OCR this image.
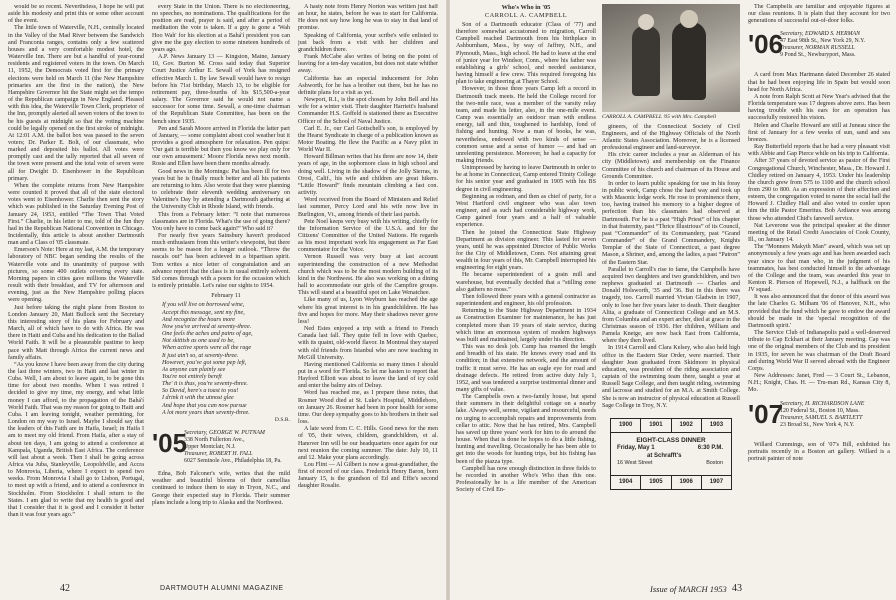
would be so recent. Nevertheless, I hope he will put aside his modesty and print this or some other account of the event.

The little town of Waterville, N.H., centrally located in the Valley of the Mad River between the Sandwich and Franconia ranges, contains only a few scattered houses and a very comfortable modest hotel, the Waterville Inn. There are but a handful of year-round residents and registered voters in the town. On March 11, 1952, the Democrats voted first for the primary elections were held on March 11 (the New Hampshire primaries are the first in the nation), the New Hampshire Governor hit the State might set the tempo of the Republican campaign in New England. Pleased with this idea, the Waterville Town Clerk, proprietor of the Inn, promptly alerted all seven voters of the town to be his guests at midnight so that the voting machine could be legally opened on the first stroke of midnight. At 12:01 A.M. the ballot box was passed to the seven voters; Dr. Parker E. Bolt, of our classmate, who marked and deposited his ballot. All votes were promptly cast and the tally reported that all seven of the town were present and the total vote of seven were all for Dwight D. Eisenhower in the Republican primary.

When the complete returns from New Hampshire were counted it proved that all of the state electoral votes went to Eisenhower. Charlie then sent the story which was published in the Saturday Evening Post of January 24, 1953, entitled “The Town That Voted First.” Charlie, in his letter to me, told of the fun they had in the Republican National Convention in Chicago. Incidentally, this article is about another Dartmouth man and a Class of '05 classmate.

Emerson's Note: Here at my last, A.M. the temporary laboratory of NBC began sending the results of the Waterville vote and its unanimity of purpose with pictures, so some 400 outlets covering every state. Morning papers in cities gave millions the Waterville result with their breakfast, and TV for afternoon and evening, just as the New Hampshire polling places were opening.

Just before taking the night plane from Boston to London January 20, Matt Bullock sent the Secretary this interesting story of his plans for February and March, all of which have to do with Africa. He was there in Haiti and Cuba and his dedication to the Ballad World Faith. It will be a pleasurable pastime to keep pace with Matt through Africa the current news and family affairs.

“As you know I have been away from the city during the last three winters, two in Haiti and last winter in Cuba. Well, I am about to leave again, to be gone this time for about two months. When I was retired I decided to give my time, my energy, and what little money I can afford, to the propagation of the Bahá'í World Faith. That was my reason for going to Haiti and Cuba. I am leaving tonight, weather permitting, for London on my way to Israel. Maybe I should say that the leaders of this Faith are in Haifa, Israel; in Haifa I am to meet my old friend. From Haifa, after a stay of about ten days, I am going to attend a conference at Kampala, Uganda, British East Africa. The conference will last about a week. Then I shall be going across Africa via Juba, Stanleyville, Leopoldville, and Accra to Monrovia, Liberia, where I expect to spend two weeks. From Monrovia I shall go to Lisbon, Portugal, to meet up with a friend, and to attend a conference in Stockholm. From Stockholm I shall return to the States. I am glad to write that my health is good and that I consider that it is good and I consider it better than it was four years ago.”

every State in the Union. There is no electioneering, no speeches, no nominations. The qualifications for the position are read, prayer is said, and after a period of meditation the vote is taken. If a guy is gone a 'Wah Hoo Wah' for his election at a Bahá'í president you can give me the guy election to some nineteen hundreds of years ago.

A.P. News January 13 — Kingston, Maine, January 10, Gov. Burton M. Cross said today that Superior Court Justice Arthur E. Sewall of York has resigned effective March 1. By law Sewall would have to resign before his 71st birthday, March 13, to be eligible for retirement pay, three-fourths of his $15,500-a-year salary. The Governor said he would not name a successor for some time. Sewall, a one-time chairman of the Republican State Committee, has been on the bench since 1935.

Pen and Sarah Moore arrived in Florida the latter part of January, — some complaint about cool weather but it provides a good atmosphere for relaxation. Pen quips: 'Our gait is terrible but then you know we play only for our own amusement.' Moore Florida news next month. Rosie and Ellen have been there months already.

Good news in the Mornings: Pat has been ill for two years but he is finally much better and all his patients are returning to him. Also wrote that they were planning to celebrate their eleventh wedding anniversary on Valentine's Day by attending a Dartmouth gathering at the University Club in Rhode Island, with friends.

This from a February letter: “I note that numerous classmates are in Florida. What's the use of going there? You only have to come back again!” Who said it?

For nearly five years Sainsbury haven't produced much enthusiasm from this writer's viewpoint, but there seems to be reason for a longer outlook. “Throw the rascals out” has been achieved in a bipartisan spirit. Tom writes a nice letter of congratulation and an advance report that the class is in usual entirely solvent. Sid comes through with a poem for the occasion which is entirely printable. Let's raise our sights to 1954.

February 11
If you will live on borrowed wine,
Accept this message, sent my fine,
And recognize the hours more
Now you've arrived at seventy-three.
One feels the aches and pains of age,
Not skittish as one used to be,
When active sports were all the rage
It just ain't so, at seventy-three.
However, you've got some pep left,
As anyone can plainly see
You're not entirely bereft
The' it is thus, you're seventy-three.
So David, here's a toast to you!
I drink it with the utmost glee
And hope that you can now pursue
A lot more years than seventy-three.
D.S.R.
'05
Secretary, GEORGE W. PUTNAM
338 North Fullerton Ave.,
Upper Montclair, N.J.
Treasurer, ROBERT H. FALL
6027 Seminole Ave., Philadelphia 18, Pa.

Edna, Bob Falconer's wife, writes that the mild weather and beautiful blooms of their camellias continued to induce them to stay in Tryon, N.C., and George their expected stay in Florida. Their summer plans include a long trip to Alaska and the Northwest.

A hasty note from Henry Norton was written just half an hour, he states, before he was to start for California. He does not say how long he was to stay in that land of promise.

Speaking of California, your scribe's wife enlisted to just back from a visit with her children and grandchildren there.

Frank McCabe also writes of being on the point of leaving for a ten-day vacation, but does not state whither away.

California has an especial inducement for John Ashworth, for he has a brother out there, but he has no definite plans for a visit as yet.

Newport, R.I., is the spot chosen by John Bell and his wife for a winter visit. Their daughter Harriett's husband Commander H.S. Goffeld is stationed there as Executive Officer of the School of Naval Justice.

Carl E. Jr., our Carl Gottschell's son, is employed by the Hearst Syndicate in charge of a publication known as Motor Boating. He flew the Pacific as a Navy pilot in World War II.

Howard Billman writes that his three are now 14, their years of age, in the sophomore class in high school and doing well. Living in the shadow of the Jolly Sierras, in Orosi, Calif., his wife and children are great hikers. “Little Howard” finds mountain climbing a fast con. activity.

Word received from the Board of Ministers and Relief last summer, Percy Lord and his wife now live in Burlington, Vt., among friends of their last parish.

Pete Noel keeps very busy with his writing, chiefly for the Information Service of the U.S.A. and for the Citizens' Committee of the United Nations. He regards as his most important work his engagement as Far East commentator for the Voice.

Vernon Russell was very busy at last account superintending the construction of a new Methodist church which was to be the most modern building of its kind in the Northwest. He also was working on a dining hall to accommodate our girls of the Campfire groups. This will stand at a beautiful spot on Lake Wenatchee.

Like many of us, Lyon Weyburn has reached the age where his great interest is in his grandchildren. He has five and hopes for more. May their shadows never grow less!

Ned Estes enjoyed a trip with a friend to French Canada last fall. They quite fell in love with Quebec, with its quaint, old-world flavor. In Montreal they stayed with old friends from Istanbul who are now teaching in McGill University.

Having mentioned California so many times I should put in a word for Florida. So let me hasten to report that Hayford Elliott was about to leave the land of icy cold and enter the balmy airs of Delray.

Word has reached me, as I prepare these notes, that Rosmer Wood died at St. Luke's Hospital, Middleboro, on January 26. Rosmer had been in poor health for some time. Our deep sympathy goes to his brothers in their sad loss.

A late word from C. C. Hills. Good news for the men of '05, their wives, children, grandchildren, et al. Hanover Inn will be our headquarters once again for our next reunion the coming summer. The date: July 10, 11 and 12. Make your plans accordingly.

Lou Flint — Al Gilbert is now a great-grandfather, the first of record of our class. Frederick Henry Baron, born January 15, is the grandson of Ed and Effie's second daughter Rosalie.

42	DARTMOUTH ALUMNI MAGAZINE
Who's Who in '05
CARROLL A. CAMPBELL

Son of a Dartmouth educator (Class of '77) and therefore somewhat accustomed to migration, Carroll Campbell reached Dartmouth from his birthplace in Ashburnham, Mass., by way of Jaffrey, N.H., and Plymouth, Mass., high school. He had to leave at the end of junior year for Windsor, Conn., where his father was establishing a girls' school, and needed assistance, having himself a few crew. This required foregoing his plan to take engineering at Thayer School.

However, in those three years Camp left a record in Dartmouth track meets. He held the College record for the two-mile race, was a member of the varsity relay team, and made his letter, also, in the one-mile event. Camp was essentially an outdoor man with endless energy, tall and thin, toughened to hardship, fond of fishing and hunting. Now a man of books, he was, nevertheless, endowed with two kinds of sense — common sense and a sense of humor — and had an unrelenting persistence. Moreover, he had a capacity for making friends.

Unimpressed by having to leave Dartmouth in order to be at home in Connecticut, Camp entered Trinity College for his senior year and graduated in 1905 with his BS degree in civil engineering.

Beginning as rodman, and then as chief of party, for a West Hartford civil engineer who was also town engineer, and as such had considerable highway work, Camp gained four years and a half of valuable experience.

Then he joined the Connecticut State Highway Department as division engineer. This lasted for seven years, until he was appointed Director of Public Works for the City of Middletown, Conn. Not attaining great wealth in four years of this, Mr. Campbell interrupted his engineering for eight years.

He became superintendent of a grain mill and warehouse, but eventually decided that a “stilling zone also gathers no moss.”

Then followed three years with a general contractor as superintendent and engineer, his old profession.

Returning to the State Highway Department in 1934 as Construction Examiner for maintenance, he has just completed more than 19 years of state service, during which time an enormous system of modern highways was built and maintained, largely under his direction.

This was no desk job. Camp has roamed the length and breadth of his state. He knows every road and its condition; in that extensive network, and the amount of traffic it must serve. He has an eagle eye for road and drainage defects. He retired from active duty July 1, 1952, and was tendered a surprise testimonial dinner and many gifts of value.

The Campbells own a two-family house, but spend their summers in their delightful cottage on a nearby lake. Always well, serene, vigilant and resourceful, needs no urging to accomplish repairs and improvements from cellar to attic. Now that he has retired, Mrs. Campbell has saved up three years' work for him to do around the house. When that is done he hopes to do a little fishing, hunting and travelling. Occasionally he has been able to get into the woods for hunting trips, but his fishing has been of the piazza type.

Campbell has now enough distinction in three fields to be recorded in another Who's Who than this one. Professionally he is a life member of the American Society of Civil En-

CARROLL A. CAMPBELL '05 with Mrs. Campbell

gineers, of the Connecticut Society of Civil Engineers, and of the Highway Officials of the North Atlantic States Association. Moreover, he is a licensed professional engineer and land-surveyor.

His civic career includes a year as Alderman of his city (Middletown) and membership on the Finance Committee of his church and chairman of its House and Grounds Committee.

In order to learn public speaking for use in his foray in public work, Camp chose the hard way and took up with Masonic lodge work. He rose to prominence there, too, having trained his memory to a higher degree of perfection than his classmates had observed at Dartmouth. For he is a past “High Priest” of his chapter in that fraternity, past “Thrice Illustrious” of its Council, past “Commander” of its Commandery, past “Grand Commander” of the Grand Commandery, Knights Templar of the State of Connecticut, a past degree Mason, a Shriner, and, among the ladies, a past “Patron” of the Eastern Star.

Parallel to Carroll's rise to fame, the Campbells have acquired two daughters and two grandchildren, and two nephews graduated at Dartmouth — Charles and Donald Holsworth, '35 and '36. But in this there was tragedy, too. Carroll married Vivian Gladwin in 1907, only to lose her five years later to death. Their daughter Alita, a graduate of Connecticut College and an M.S. from Columbia and an expert archer, died at grace in the Christmas season of 1936. Her children, William and Pamela Knetge, are now back East from California, where they then lived.

In 1914 Carroll and Clara Kelsey, who also held high office in the Eastern Star Order, were married. Their daughter Jean graduated from Skidmore in physical education, was president of the riding association and captain of the swimming team there, taught a year at Russell Sage College, and then taught riding, swimming and lacrosse and studied for an M.A. at Smith College. She is now an instructor of physical education at Russell Sage College in Troy, N.Y.

1900	1901	1902	1903
EIGHT-CLASS DINNER
Friday, May 1	6:30 P.M.
at Schrafft's
16 West Street	Boston
1904	1905	1906	1907

The Campbells are familiar and enjoyable figures at our class reunions. It is plain that they account for two generations of successful out-of-door folks.

'06
Secretary, EDWARD S. HERMAN
47 East 98th St., New York 29, N.Y.
Treasurer, NORMAN RUSSELL
9 Pond St., Newburyport, Mass.

A card from Max Hartmann dated December 26 stated that he had been enjoying life in Spain but would soon head for North Africa.

A note from Ralph Scott at New Year's advised that the Florida temperature was 17 degrees above zero. Has been having trouble with his ears for an operation has successfully restored his vision.

Helen and Charlie Howard are still at Juneau since the first of January for a few weeks of sun, sand and sea breezes.

Ray Butterfield reports that he had a very pleasant visit with Abbie and Gap Pierce while on his trip to California.

After 37 years of devoted service as pastor of the First Congregational Church, Winchester, Mass., Dr. Howard J. Chidley retired on January 4, 1953. Under his leadership the church grew from 575 to 1100 and the church school from 290 to 800. As an expression of their affection and esteem, the congregation voted to name the social hall the Howard J. Chidley Hall and also voted to confer upon him the title Pastor Emeritus. Bob Ardiance was among those who attended Chid's farewell service.

Nat Leverone was the principal speaker at the dinner meeting of the Retail Credit Associates of Cook County, Ill., on January 14.

The “Monners Makyth Man” award, which was set up anonymously a few years ago and has been awarded each year since to that man who, in the judgment of his teammates, has best conducted himself to the advantage of the College and the team, was awarded this year to Kenton R. Pierson of Hopewell, N.J., a halfback on the JV squad.

It was also announced that the donor of this award was the late Charles G. Milham '06 of Hanover, N.H., who provided that the fund which he gave to endow the award should be made in the 'special recognition of the Dartmouth spirit.'

The Service Club of Indianapolis paid a well-deserved tribute to Cap Eckhart at their January meeting. Cap was one of the original members of the Club and its president in 1935, for seven he was chairman of the Draft Board and during World War II served abroad with the Engineer Corps.

New Addresses: Janet, Fred — 3 Court St., Lebanon, N.H.; Knight, Chas. H. — Tru-man Rd., Kansas City 8, Mo.

'07
Secretary, H. RICHARDSON LANE
120 Federal St., Boston 10, Mass.
Treasurer, SAMUEL S. BARTLETT
23 Broad St., New York 4, N.Y.

Willard Cummings, son of '07's Bill, exhibited his portraits recently in a Boston art gallery. Willard is a portrait painter of note

Issue of MARCH 1953 43
